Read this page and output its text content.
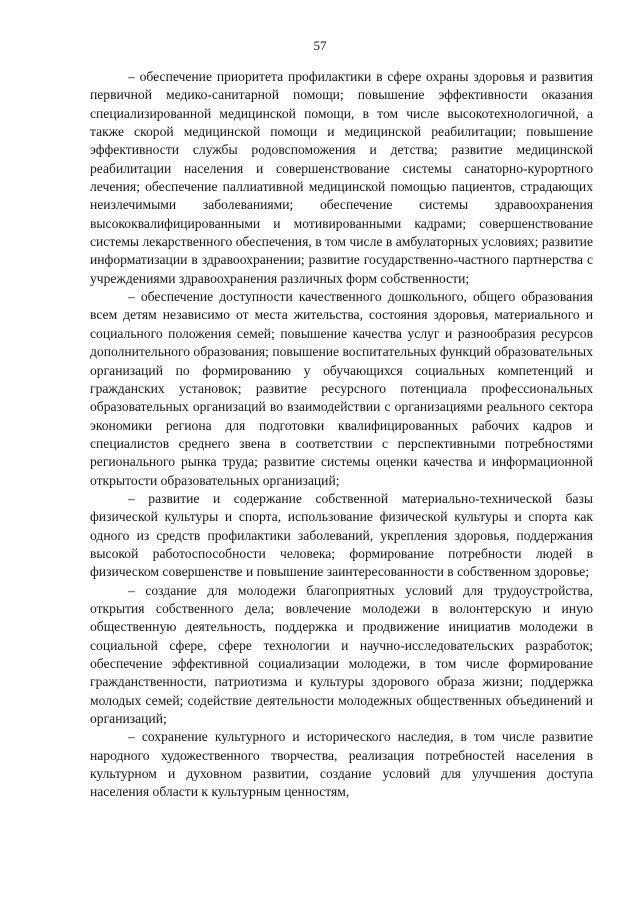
57

– обеспечение приоритета профилактики в сфере охраны здоровья и развития первичной медико-санитарной помощи; повышение эффективности оказания специализированной медицинской помощи, в том числе высокотехнологичной, а также скорой медицинской помощи и медицинской реабилитации; повышение эффективности службы родовспоможения и детства; развитие медицинской реабилитации населения и совершенствование системы санаторно-курортного лечения; обеспечение паллиативной медицинской помощью пациентов, страдающих неизлечимыми заболеваниями; обеспечение системы здравоохранения высококвалифицированными и мотивированными кадрами; совершенствование системы лекарственного обеспечения, в том числе в амбулаторных условиях; развитие информатизации в здравоохранении; развитие государственно-частного партнерства с учреждениями здравоохранения различных форм собственности;

– обеспечение доступности качественного дошкольного, общего образования всем детям независимо от места жительства, состояния здоровья, материального и социального положения семей; повышение качества услуг и разнообразия ресурсов дополнительного образования; повышение воспитательных функций образовательных организаций по формированию у обучающихся социальных компетенций и гражданских установок; развитие ресурсного потенциала профессиональных образовательных организаций во взаимодействии с организациями реального сектора экономики региона для подготовки квалифицированных рабочих кадров и специалистов среднего звена в соответствии с перспективными потребностями регионального рынка труда; развитие системы оценки качества и информационной открытости образовательных организаций;

– развитие и содержание собственной материально-технической базы физической культуры и спорта, использование физической культуры и спорта как одного из средств профилактики заболеваний, укрепления здоровья, поддержания высокой работоспособности человека; формирование потребности людей в физическом совершенстве и повышение заинтересованности в собственном здоровье;

– создание для молодежи благоприятных условий для трудоустройства, открытия собственного дела; вовлечение молодежи в волонтерскую и иную общественную деятельность, поддержка и продвижение инициатив молодежи в социальной сфере, сфере технологии и научно-исследовательских разработок; обеспечение эффективной социализации молодежи, в том числе формирование гражданственности, патриотизма и культуры здорового образа жизни; поддержка молодых семей; содействие деятельности молодежных общественных объединений и организаций;

– сохранение культурного и исторического наследия, в том числе развитие народного художественного творчества, реализация потребностей населения в культурном и духовном развитии, создание условий для улучшения доступа населения области к культурным ценностям,
